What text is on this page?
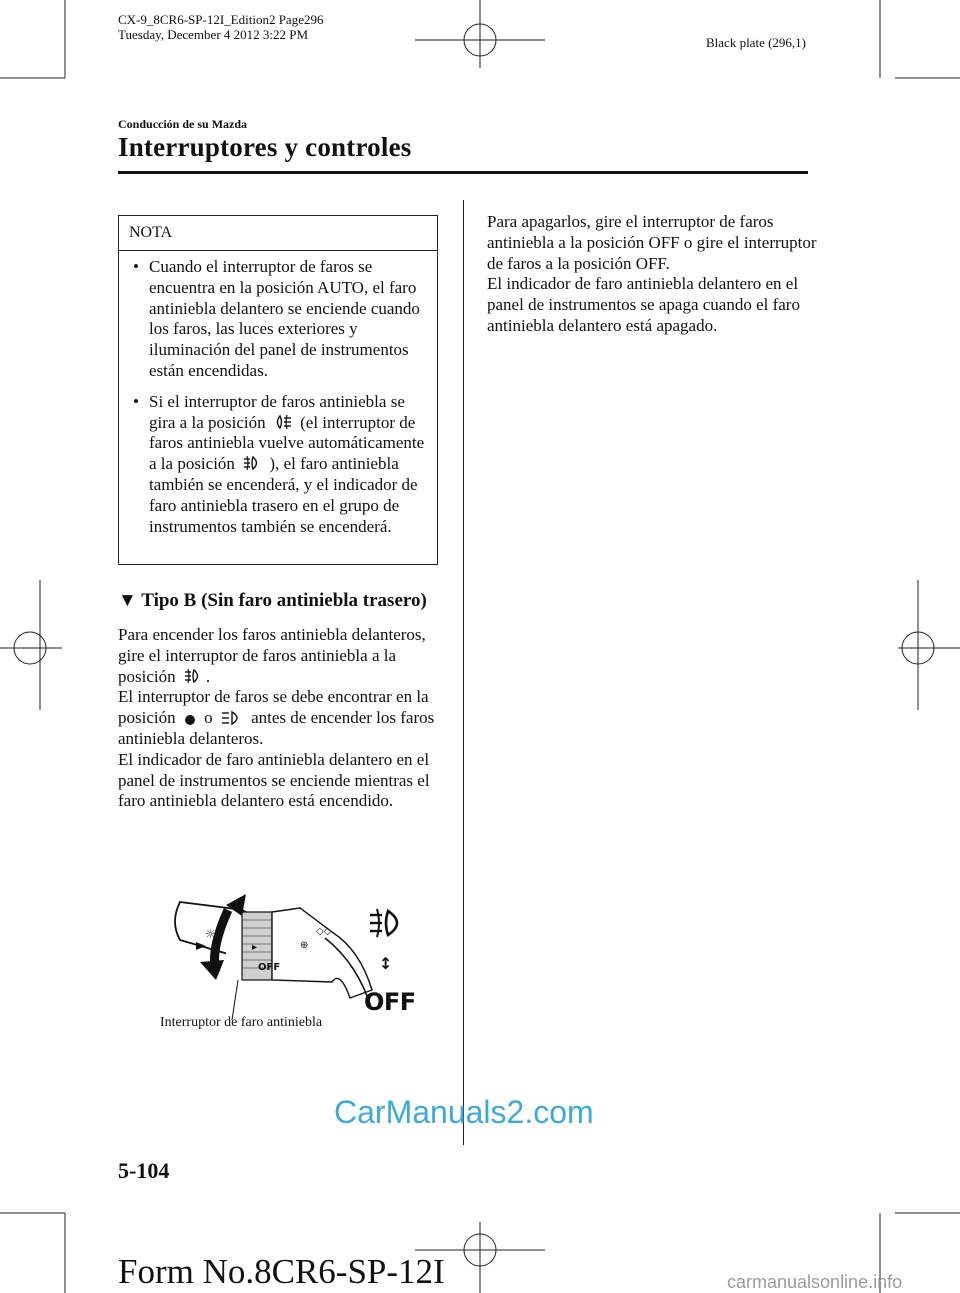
CX-9_8CR6-SP-12I_Edition2 Page296
Tuesday, December 4 2012 3:22 PM
Black plate (296,1)
Conducción de su Mazda
Interruptores y controles
NOTA
• Cuando el interruptor de faros se encuentra en la posición AUTO, el faro antiniebla delantero se enciende cuando los faros, las luces exteriores y iluminación del panel de instrumentos están encendidas.
• Si el interruptor de faros antiniebla se gira a la posición (el interruptor de faros antiniebla vuelve automáticamente a la posición ), el faro antiniebla también se encenderá, y el indicador de faro antiniebla trasero en el grupo de instrumentos también se encenderá.
▼ Tipo B (Sin faro antiniebla trasero)
Para encender los faros antiniebla delanteros, gire el interruptor de faros antiniebla a la posición .
El interruptor de faros se debe encontrar en la posición o antes de encender los faros antiniebla delanteros.
El indicador de faro antiniebla delantero en el panel de instrumentos se enciende mientras el faro antiniebla delantero está encendido.
Para apagarlos, gire el interruptor de faros antiniebla a la posición OFF o gire el interruptor de faros a la posición OFF.
El indicador de faro antiniebla delantero en el panel de instrumentos se apaga cuando el faro antiniebla delantero está apagado.
☼
▸
OFF
⊕
◇◇
↕
OFF
Interruptor de faro antiniebla
5-104
Form No.8CR6-SP-12I
CarManuals2.com
carmanualsonline.info
